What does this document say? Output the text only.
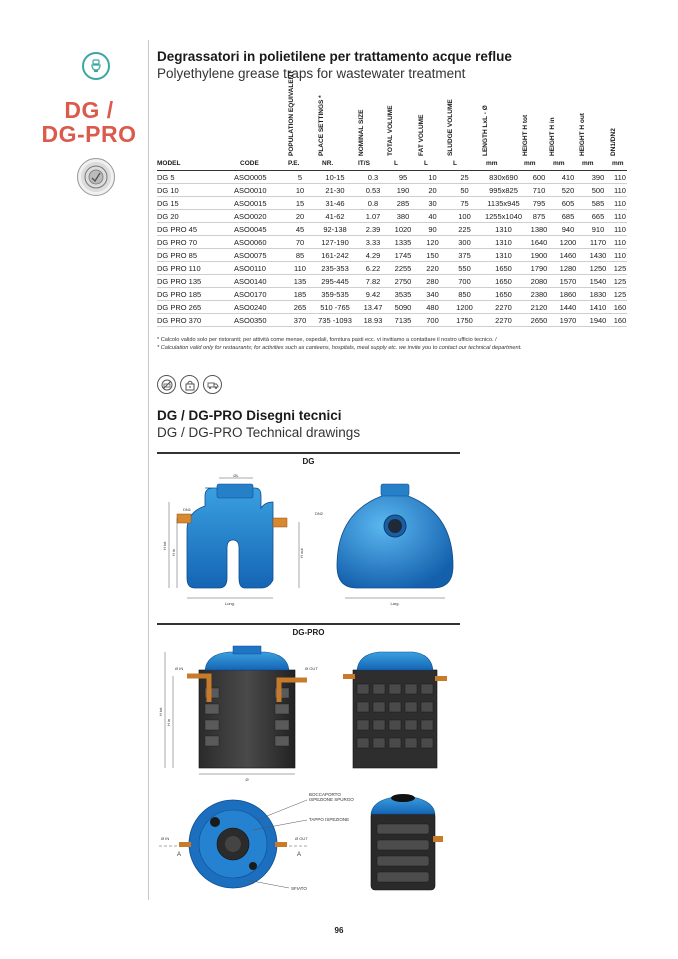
DG /
DG-PRO
Degrassatori in polietilene per trattamento acque reflue
Polyethylene grease traps for wastewater treatment
POPULATION EQUIVALENT	PLACE SETTINGS *	NOMINAL SIZE	TOTAL VOLUME	FAT VOLUME	SLUDGE VOLUME	LENGTH LxL - Ø	HEIGHT H tot	HEIGHT H in	HEIGHT H out	DN1/DN2
MODEL	CODE	P.E.	NR.	lT/S	L	L	L	mm	mm	mm	mm	mm
DG 5	ASO0005	5	10-15	0.3	95	10	25	830x690	600	410	390	110
DG 10	ASO0010	10	21-30	0.53	190	20	50	995x825	710	520	500	110
DG 15	ASO0015	15	31-46	0.8	285	30	75	1135x945	795	605	585	110
DG 20	ASO0020	20	41-62	1.07	380	40	100	1255x1040	875	685	665	110
DG PRO 45	ASO0045	45	92-138	2.39	1020	90	225	1310	1380	940	910	110
DG PRO 70	ASO0060	70	127-190	3.33	1335	120	300	1310	1640	1200	1170	110
DG PRO 85	ASO0075	85	161-242	4.29	1745	150	375	1310	1900	1460	1430	110
DG PRO 110	ASO0110	110	235-353	6.22	2255	220	550	1650	1790	1280	1250	125
DG PRO 135	ASO0140	135	295-445	7.82	2750	280	700	1650	2080	1570	1540	125
DG PRO 185	ASO0170	185	359-535	9.42	3535	340	850	1650	2380	1860	1830	125
DG PRO 265	ASO0240	265	510 -765	13.47	5090	480	1200	2270	2120	1440	1410	160
DG PRO 370	ASO0350	370	735 -1093	18.93	7135	700	1750	2270	2650	1970	1940	160
* Calcolo valido solo per ristoranti; per attività come mense, ospedali, fornitura pasti ecc. vi invitiamo a contattare il nostro ufficio tecnico. /
* Calculation valid only for restaurants; for activities such as canteens, hospitals, meal supply etc. we invite you to contact our technical department.
DG / DG-PRO Disegni tecnici
DG / DG-PRO Technical drawings
DG
ØL
DN1
DN2
H tot
H in	H out
Lung.	Larg.
DG-PRO
Ø IN	Ø OUT
H tot
H in
Ø
Ø IN	Ø OUT
A	A
BOCCAPORTO ISPEZIONE SPURGO
TAPPO ISPEZIONE
SFIATO
96
